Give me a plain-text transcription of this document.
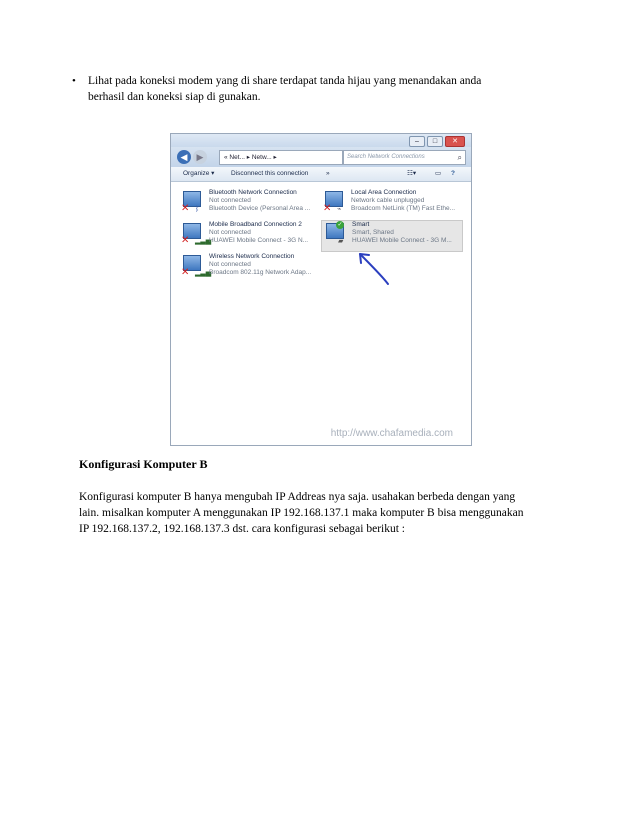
• Lihat pada koneksi modem yang di share terdapat tanda hijau yang menandakan anda
berhasil dan koneksi siap di gunakan.
–	□	✕
◀	▶	« Net... ▸ Netw... ▸	Search Network Connections	⌕
Organize ▾	Disconnect this connection	»	☷▾	▭ ?
✕ ᛒ
Bluetooth Network Connection
Not connected
Bluetooth Device (Personal Area ... ✕ ⌁
Local Area Connection
Network cable unplugged
Broadcom NetLink (TM) Fast Ethe...
✕ ▂▃▅
Mobile Broadband Connection 2
Not connected
HUAWEI Mobile Connect - 3G N...
✓
▰
Smart
Smart, Shared
HUAWEI Mobile Connect - 3G M...
✕ ▂▃▅
Wireless Network Connection
Not connected
Broadcom 802.11g Network Adap...
http://www.chafamedia.com
Konfigurasi Komputer B
Konfigurasi komputer B hanya mengubah IP Addreas nya saja. usahakan berbeda dengan yang
lain. misalkan komputer A menggunakan IP 192.168.137.1 maka komputer B bisa menggunakan
IP 192.168.137.2, 192.168.137.3 dst. cara konfigurasi sebagai berikut :
